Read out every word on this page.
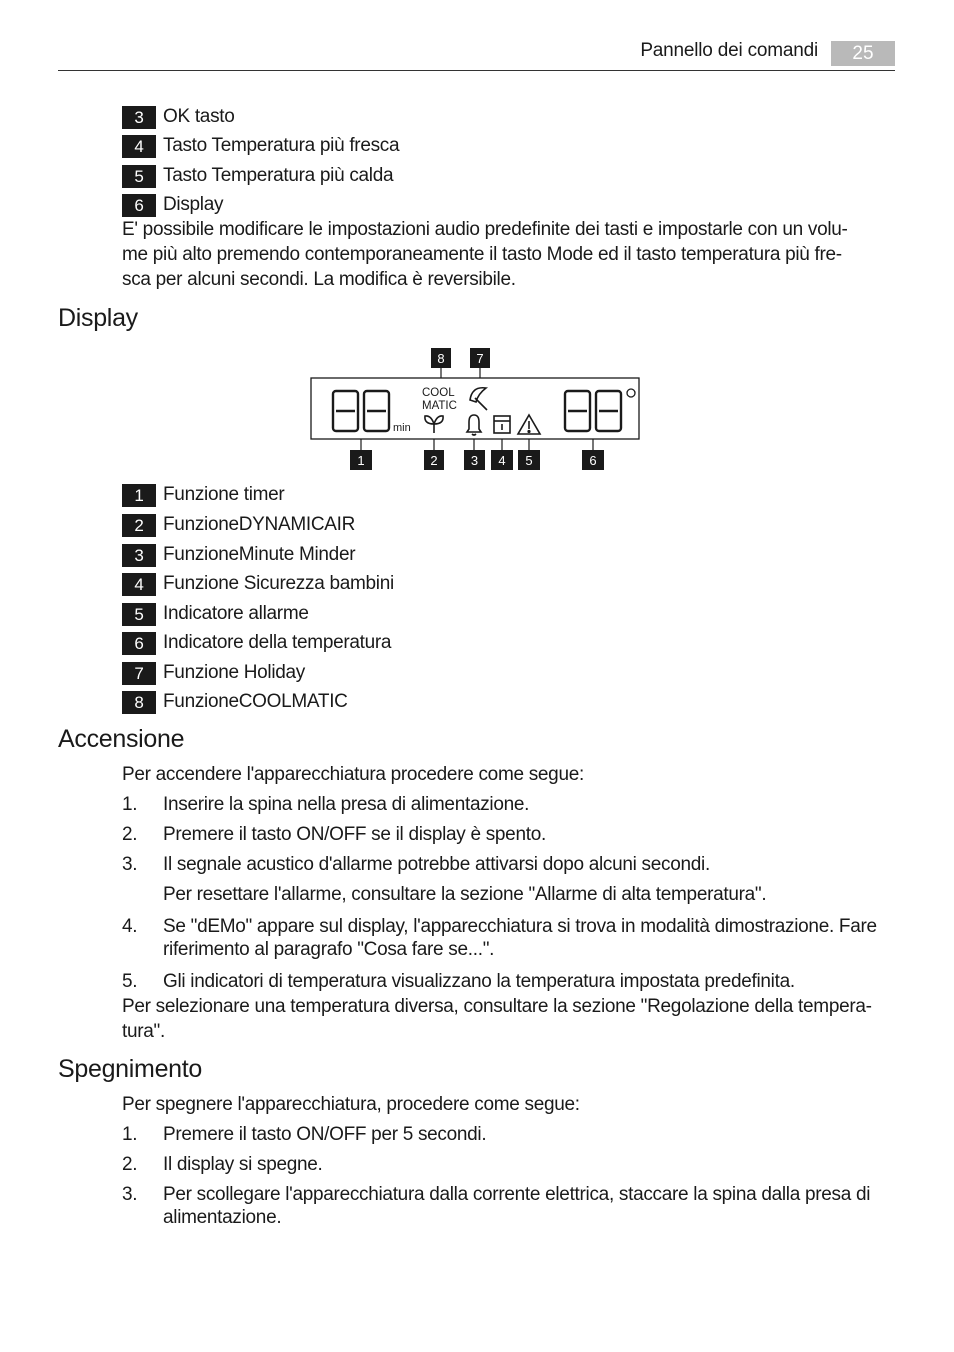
Pannello dei comandi	25
3	OK tasto
4	Tasto Temperatura più fresca
5	Tasto Temperatura più calda
6	Display
E' possibile modificare le impostazioni audio predefinite dei tasti e impostarle con un volu-
me più alto premendo contemporaneamente il tasto Mode ed il tasto temperatura più fre-
sca per alcuni secondi. La modifica è reversibile.
Display
min
COOL
MATIC
8 7
1	2	3 4 5	6
1	Funzione timer
2	FunzioneDYNAMICAIR
3	FunzioneMinute Minder
4	Funzione Sicurezza bambini
5	Indicatore allarme
6	Indicatore della temperatura
7	Funzione Holiday
8	FunzioneCOOLMATIC
Accensione
Per accendere l'apparecchiatura procedere come segue:
1. Inserire la spina nella presa di alimentazione.
2. Premere il tasto ON/OFF se il display è spento.
3. Il segnale acustico d'allarme potrebbe attivarsi dopo alcuni secondi.
Per resettare l'allarme, consultare la sezione "Allarme di alta temperatura".
4. Se "dEMo" appare sul display, l'apparecchiatura si trova in modalità dimostrazione. Fare
riferimento al paragrafo "Cosa fare se...".
5. Gli indicatori di temperatura visualizzano la temperatura impostata predefinita.
Per selezionare una temperatura diversa, consultare la sezione "Regolazione della tempera-
tura".
Spegnimento
Per spegnere l'apparecchiatura, procedere come segue:
1. Premere il tasto ON/OFF per 5 secondi.
2. Il display si spegne.
3. Per scollegare l'apparecchiatura dalla corrente elettrica, staccare la spina dalla presa di
alimentazione.
